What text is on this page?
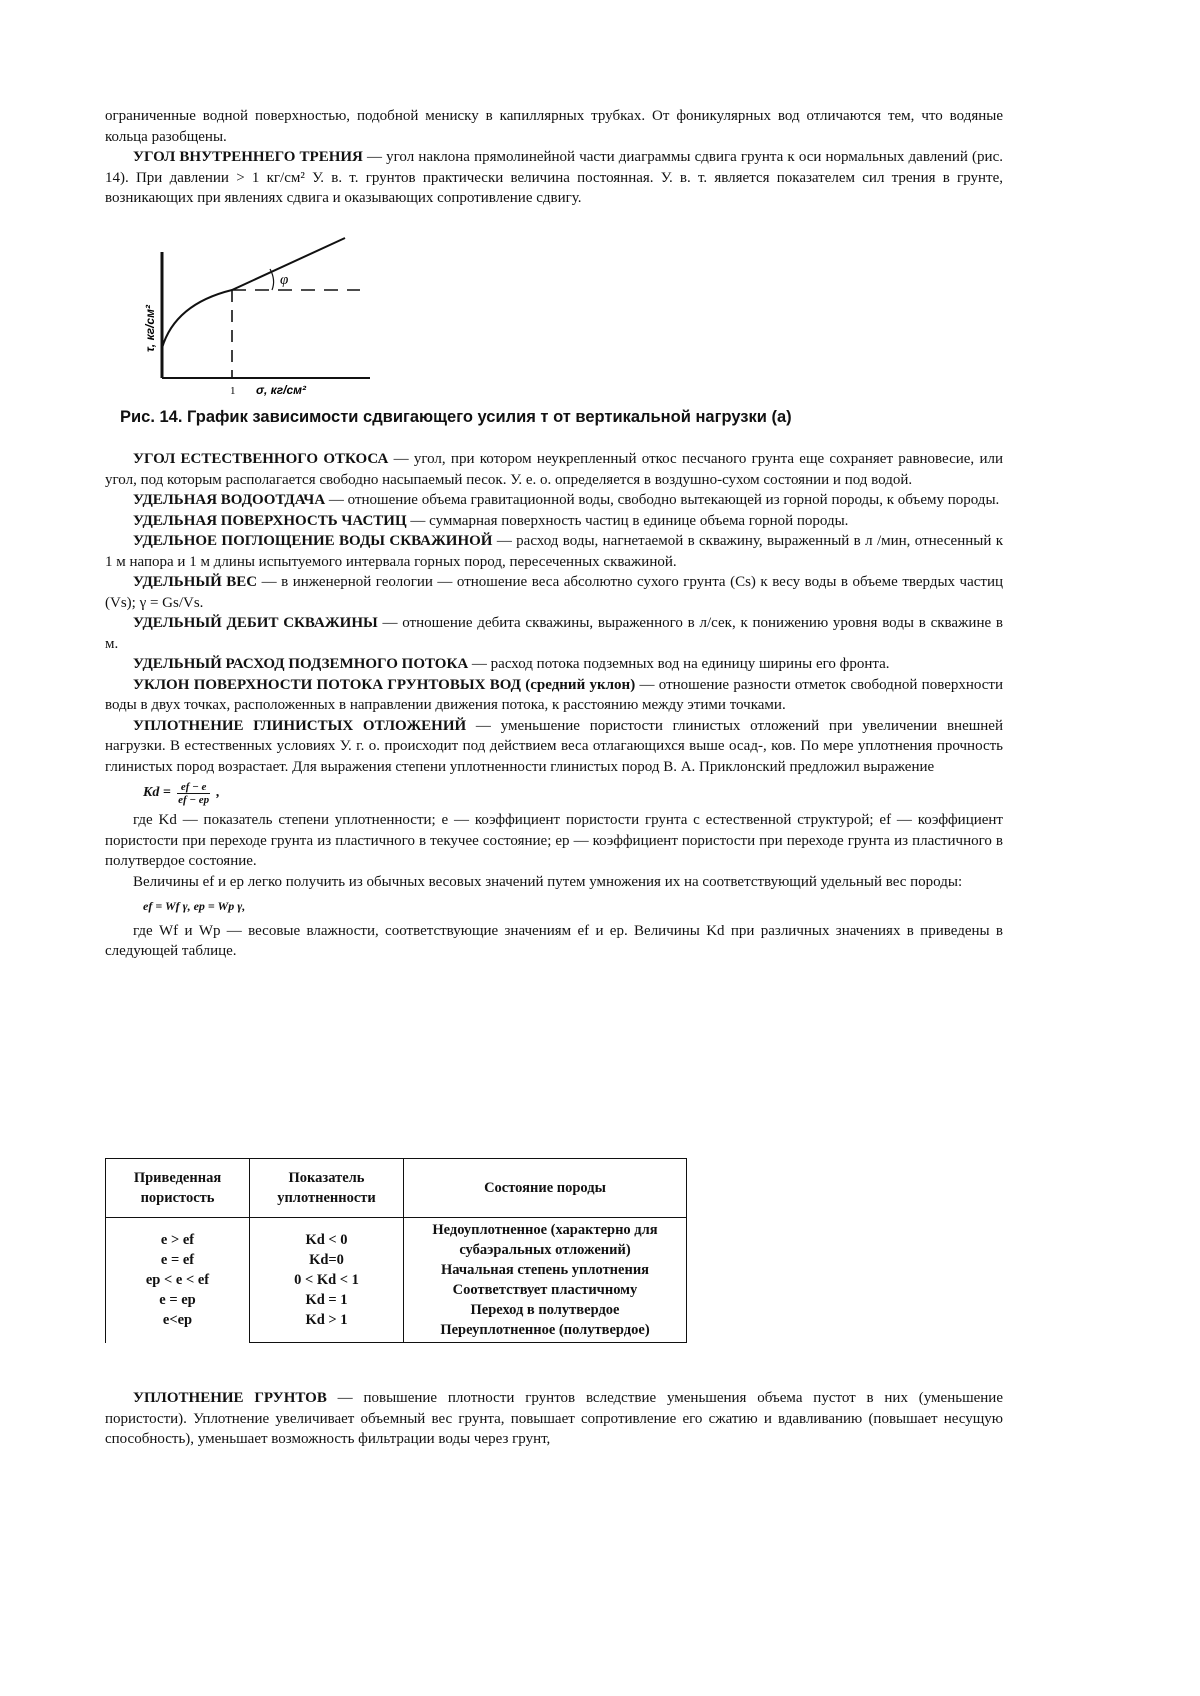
ограниченные водной поверхностью, подобной мениску в капиллярных трубках. От фоникулярных вод отличаются тем, что водяные кольца разобщены.

УГОЛ ВНУТРЕННЕГО ТРЕНИЯ — угол наклона прямолинейной части диаграммы сдвига грунта к оси нормальных давлений (рис. 14). При давлении > 1 кг/см² У. в. т. грунтов практически величина постоянная. У. в. т. является показателем сил трения в грунте, возникающих при явлениях сдвига и оказывающих сопротивление сдвигу.

φ
1 σ, кг/см²
τ, кг/см²
Рис. 14. График зависимости сдвигающего усилия т от вертикальной нагрузки (а)

УГОЛ ЕСТЕСТВЕННОГО ОТКОСА — угол, при котором неукрепленный откос песчаного грунта еще сохраняет равновесие, или угол, под которым располагается свободно насыпаемый песок. У. е. о. определяется в воздушно-сухом состоянии и под водой.

УДЕЛЬНАЯ ВОДООТДАЧА — отношение объема гравитационной воды, свободно вытекающей из горной породы, к объему породы.

УДЕЛЬНАЯ ПОВЕРХНОСТЬ ЧАСТИЦ — суммарная поверхность частиц в единице объема горной породы.

УДЕЛЬНОЕ ПОГЛОЩЕНИЕ ВОДЫ СКВАЖИНОЙ — расход воды, нагнетаемой в скважину, выраженный в л /мин, отнесенный к 1 м напора и 1 м длины испытуемого интервала горных пород, пересеченных скважиной.

УДЕЛЬНЫЙ ВЕС — в инженерной геологии — отношение веса абсолютно сухого грунта (Cs) к весу воды в объеме твердых частиц (Vs); γ = Gs/Vs.

УДЕЛЬНЫЙ ДЕБИТ СКВАЖИНЫ — отношение дебита скважины, выраженного в л/сек, к понижению уровня воды в скважине в м.

УДЕЛЬНЫЙ РАСХОД ПОДЗЕМНОГО ПОТОКА — расход потока подземных вод на единицу ширины его фронта.

УКЛОН ПОВЕРХНОСТИ ПОТОКА ГРУНТОВЫХ ВОД (средний уклон) — отношение разности отметок свободной поверхности воды в двух точках, расположенных в направлении движения потока, к расстоянию между этими точками.

УПЛОТНЕНИЕ ГЛИНИСТЫХ ОТЛОЖЕНИЙ — уменьшение пористости глинистых отложений при увеличении внешней нагрузки. В естественных условиях У. г. о. происходит под действием веса отлагающихся выше осад-, ков. По мере уплотнения прочность глинистых пород возрастает. Для выражения степени уплотненности глинистых пород В. А. Приклонский предложил выражение

Kd = ef − e
ef − ep ,

где Kd — показатель степени уплотненности; e — коэффициент пористости грунта с естественной структурой; ef — коэффициент пористости при переходе грунта из пластичного в текучее состояние; ep — коэффициент пористости при переходе грунта из пластичного в полутвердое состояние.

Величины ef и ep легко получить из обычных весовых значений путем умножения их на соответствующий удельный вес породы:

ef = Wf γ, ep = Wp γ,

где Wf и Wp — весовые влажности, соответствующие значениям ef и ep. Величины Kd при различных значениях в приведены в следующей таблице.

Приведенная пористость	Показатель уплотненности	Состояние породы

e > ef
e = ef
ep < e < ef
e = ep
e<ep

Kd < 0
Kd=0
0 < Kd < 1
Kd = 1
Kd > 1

Недоуплотненное (характерно для субаэральных отложений)
Начальная степень уплотнения
Соответствует пластичному
Переход в полутвердое
Переуплотненное (полутвердое)

УПЛОТНЕНИЕ ГРУНТОВ — повышение плотности грунтов вследствие уменьшения объема пустот в них (уменьшение пористости). Уплотнение увеличивает объемный вес грунта, повышает сопротивление его сжатию и вдавливанию (повышает несущую способность), уменьшает возможность фильтрации воды через грунт,
